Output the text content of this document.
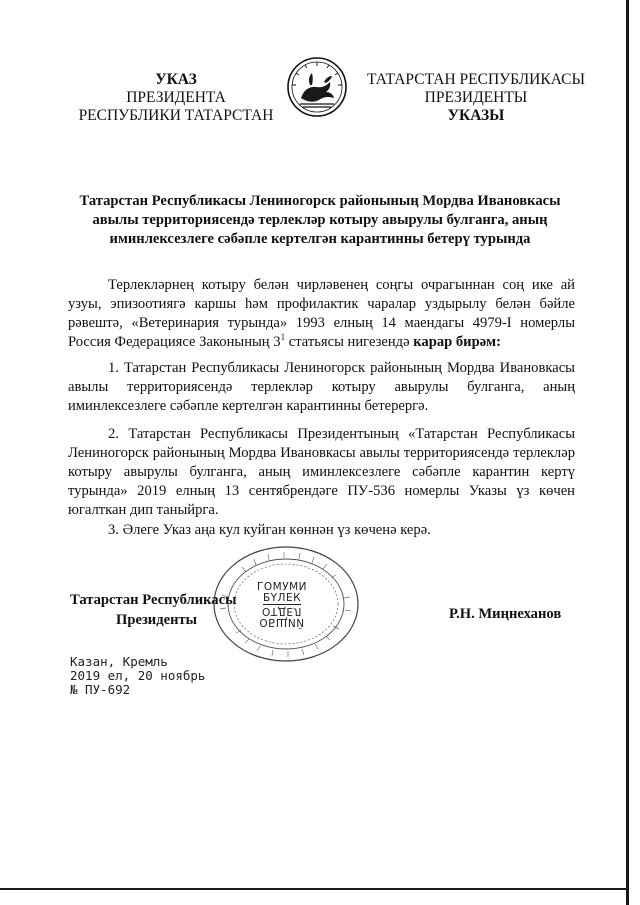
УКАЗ
ПРЕЗИДЕНТА
РЕСПУБЛИКИ ТАТАРСТАН
ТАТАРСТАН РЕСПУБЛИКАСЫ
ПРЕЗИДЕНТЫ
УКАЗЫ
Татарстан Республикасы Лениногорск районының Мордва Ивановкасы авылы территориясендә терлекләр котыру авырулы булганга, аның иминлексезлеге сәбәпле кертелгән карантинны бетерү турында

Терлекләрнең котыру белән чирләвенең соңгы очрагыннан соң ике ай узуы, эпизоотиягә каршы һәм профилактик чаралар уздырылу белән бәйле рәвештә, «Ветеринария турында» 1993 елның 14 маендагы 4979-I номерлы Россия Федерациясе Законының $3^1$ статьясы нигезендә карар бирәм:

1. Татарстан Республикасы Лениногорск районының Мордва Ивановкасы авылы территориясендә терлекләр котыру авырулы булганга, аның иминлексезлеге сәбәпле кертелгән карантинны бетерергә.

2. Татарстан Республикасы Президентының «Татарстан Республикасы Лениногорск районының Мордва Ивановкасы авылы территориясендә терлекләр котыру авырулы булганга, аның иминлексезлеге сәбәпле карантин кертү турында» 2019 елның 13 сентябрендәге ПУ-536 номерлы Указы үз көчен югалткан дип таныйрга.

3. Әлеге Указ аңа кул куйган көннән үз көченә керә.

Татарстан Республикасы
Президенты
ГОМУМИ
БҮЛЕК
ОТДЕЛ
ОБЩИЙ	Р.Н. Миңнеханов
Казан, Кремль
2019 ел, 20 ноябрь
№ ПУ-692
